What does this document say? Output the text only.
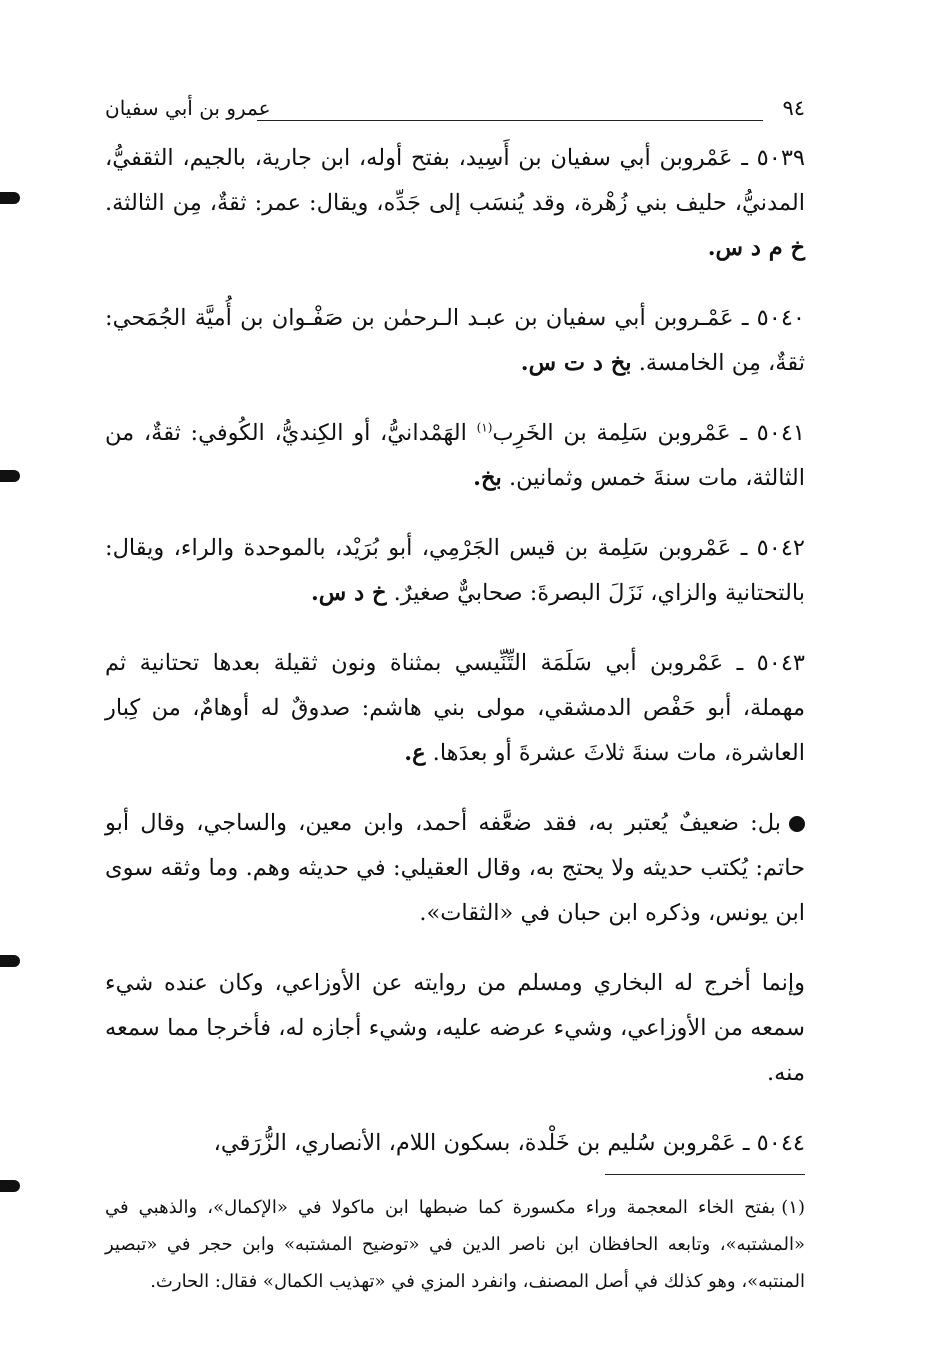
٩٤
عمرو بن أبي سفيان

٥٠٣٩ ـ عَمْروبن أبي سفيان بن أَسِيد، بفتح أوله، ابن جارية، بالجيم، الثقفيُّ، المدنيُّ، حليف بني زُهْرة، وقد يُنسَب إلى جَدِّه، ويقال: عمر: ثقةٌ، مِن الثالثة. خ م د س.

٥٠٤٠ ـ عَمْـروبن أبي سفيان بن عبـد الـرحمٰن بن صَفْـوان بن أُميَّة الجُمَحي: ثقةٌ، مِن الخامسة. بخ د ت س.

٥٠٤١ ـ عَمْروبن سَلِمة بن الخَرِب$^{(١)}$ الهَمْدانيُّ، أو الكِنديُّ، الكُوفي: ثقةٌ، من الثالثة، مات سنةَ خمس وثمانين. بخ.

٥٠٤٢ ـ عَمْروبن سَلِمة بن قيس الجَرْمِي، أبو بُرَيْد، بالموحدة والراء، ويقال: بالتحتانية والزاي، نَزَلَ البصرةَ: صحابيٌّ صغيرٌ. خ د س.

٥٠٤٣ ـ عَمْروبن أبي سَلَمَة التِّنِّيسي بمثناة ونون ثقيلة بعدها تحتانية ثم مهملة، أبو حَفْص الدمشقي، مولى بني هاشم: صدوقٌ له أوهامٌ، من كِبار العاشرة، مات سنةَ ثلاثَ عشرةَ أو بعدَها. ع.

بل: ضعيفٌ يُعتبر به، فقد ضعَّفه أحمد، وابن معين، والساجي، وقال أبو حاتم: يُكتب حديثه ولا يحتج به، وقال العقيلي: في حديثه وهم. وما وثقه سوى ابن يونس، وذكره ابن حبان في «الثقات».

وإنما أخرج له البخاري ومسلم من روايته عن الأوزاعي، وكان عنده شيء سمعه من الأوزاعي، وشيء عرضه عليه، وشيء أجازه له، فأخرجا مما سمعه منه.

٥٠٤٤ ـ عَمْروبن سُليم بن خَلْدة، بسكون اللام، الأنصاري، الزُّرَقي،

(١)بفتح الخاء المعجمة وراء مكسورة كما ضبطها ابن ماكولا في «الإكمال»، والذهبي في «المشتبه»، وتابعه الحافظان ابن ناصر الدين في «توضيح المشتبه» وابن حجر في «تبصير المنتبه»، وهو كذلك في أصل المصنف، وانفرد المزي في «تهذيب الكمال» فقال: الحارث.
